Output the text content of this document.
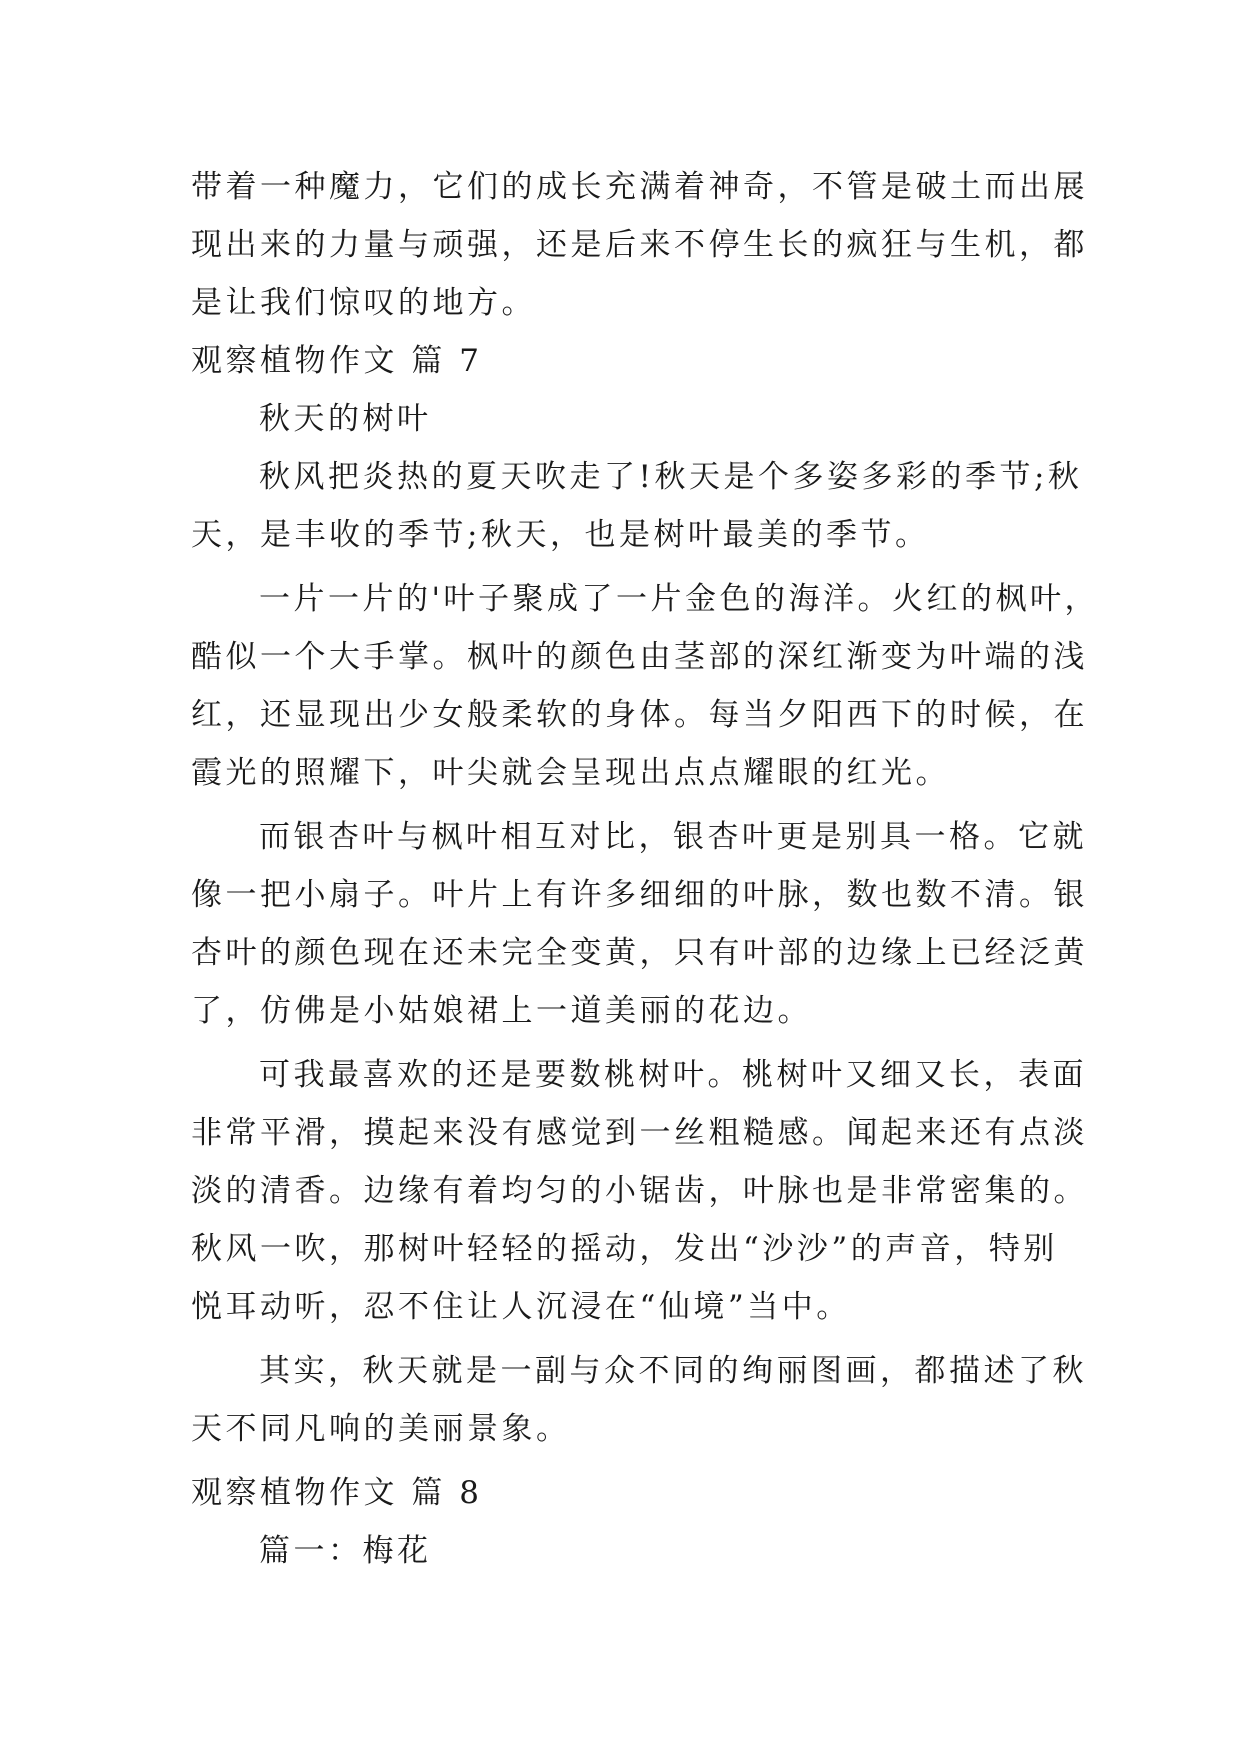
带着一种魔力，它们的成长充满着神奇，不管是破土而出展
现出来的力量与顽强，还是后来不停生长的疯狂与生机，都
是让我们惊叹的地方。

观察植物作文 篇 7

秋天的树叶

秋风把炎热的夏天吹走了!秋天是个多姿多彩的季节;秋
天，是丰收的季节;秋天，也是树叶最美的季节。

一片一片的'叶子聚成了一片金色的海洋。火红的枫叶，
酷似一个大手掌。枫叶的颜色由茎部的深红渐变为叶端的浅
红，还显现出少女般柔软的身体。每当夕阳西下的时候，在
霞光的照耀下，叶尖就会呈现出点点耀眼的红光。

而银杏叶与枫叶相互对比，银杏叶更是别具一格。它就
像一把小扇子。叶片上有许多细细的叶脉，数也数不清。银
杏叶的颜色现在还未完全变黄，只有叶部的边缘上已经泛黄
了，仿佛是小姑娘裙上一道美丽的花边。

可我最喜欢的还是要数桃树叶。桃树叶又细又长，表面
非常平滑，摸起来没有感觉到一丝粗糙感。闻起来还有点淡
淡的清香。边缘有着均匀的小锯齿，叶脉也是非常密集的。
秋风一吹，那树叶轻轻的摇动，发出“沙沙”的声音，特别
悦耳动听，忍不住让人沉浸在“仙境”当中。

其实，秋天就是一副与众不同的绚丽图画，都描述了秋
天不同凡响的美丽景象。

观察植物作文 篇 8

篇一：梅花
